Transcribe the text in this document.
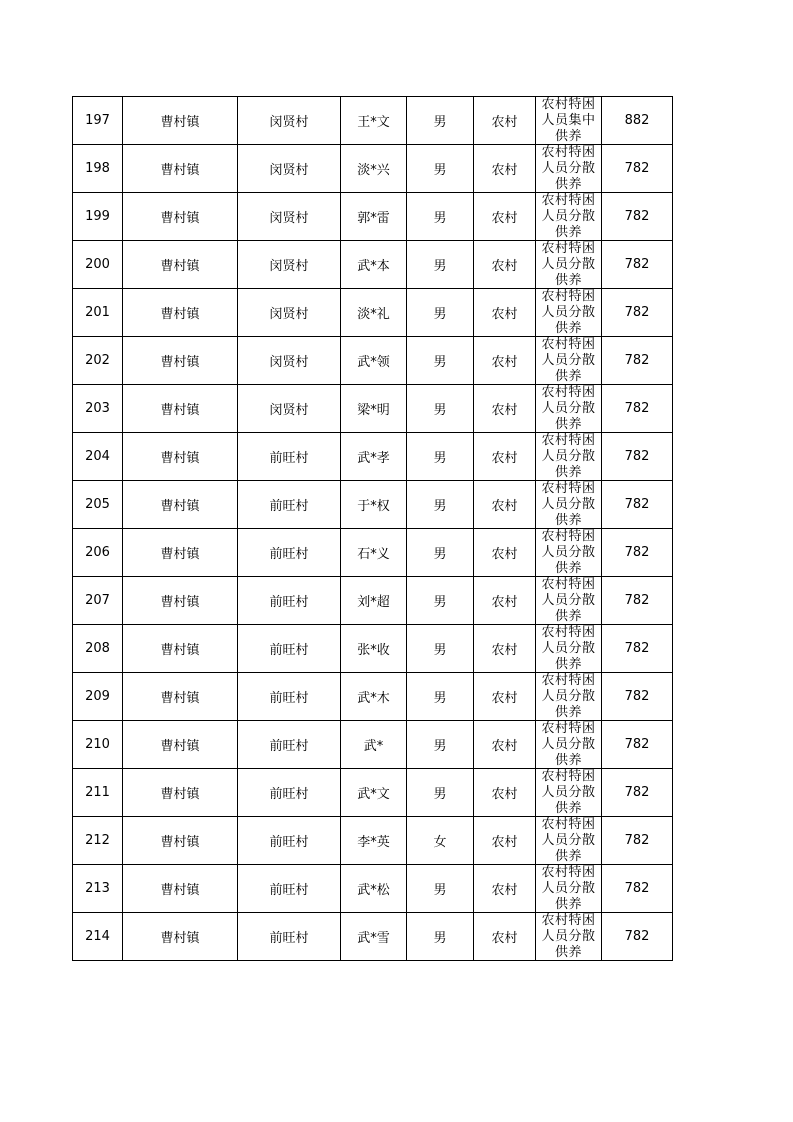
197	曹村镇	闵贤村	王*文	男	农村	农村特困人员集中供养	882
198	曹村镇	闵贤村	淡*兴	男	农村	农村特困人员分散供养	782
199	曹村镇	闵贤村	郭*雷	男	农村	农村特困人员分散供养	782
200	曹村镇	闵贤村	武*本	男	农村	农村特困人员分散供养	782
201	曹村镇	闵贤村	淡*礼	男	农村	农村特困人员分散供养	782
202	曹村镇	闵贤村	武*领	男	农村	农村特困人员分散供养	782
203	曹村镇	闵贤村	梁*明	男	农村	农村特困人员分散供养	782
204	曹村镇	前旺村	武*孝	男	农村	农村特困人员分散供养	782
205	曹村镇	前旺村	于*权	男	农村	农村特困人员分散供养	782
206	曹村镇	前旺村	石*义	男	农村	农村特困人员分散供养	782
207	曹村镇	前旺村	刘*超	男	农村	农村特困人员分散供养	782
208	曹村镇	前旺村	张*收	男	农村	农村特困人员分散供养	782
209	曹村镇	前旺村	武*木	男	农村	农村特困人员分散供养	782
210	曹村镇	前旺村	武*	男	农村	农村特困人员分散供养	782
211	曹村镇	前旺村	武*文	男	农村	农村特困人员分散供养	782
212	曹村镇	前旺村	李*英	女	农村	农村特困人员分散供养	782
213	曹村镇	前旺村	武*松	男	农村	农村特困人员分散供养	782
214	曹村镇	前旺村	武*雪	男	农村	农村特困人员分散供养	782
